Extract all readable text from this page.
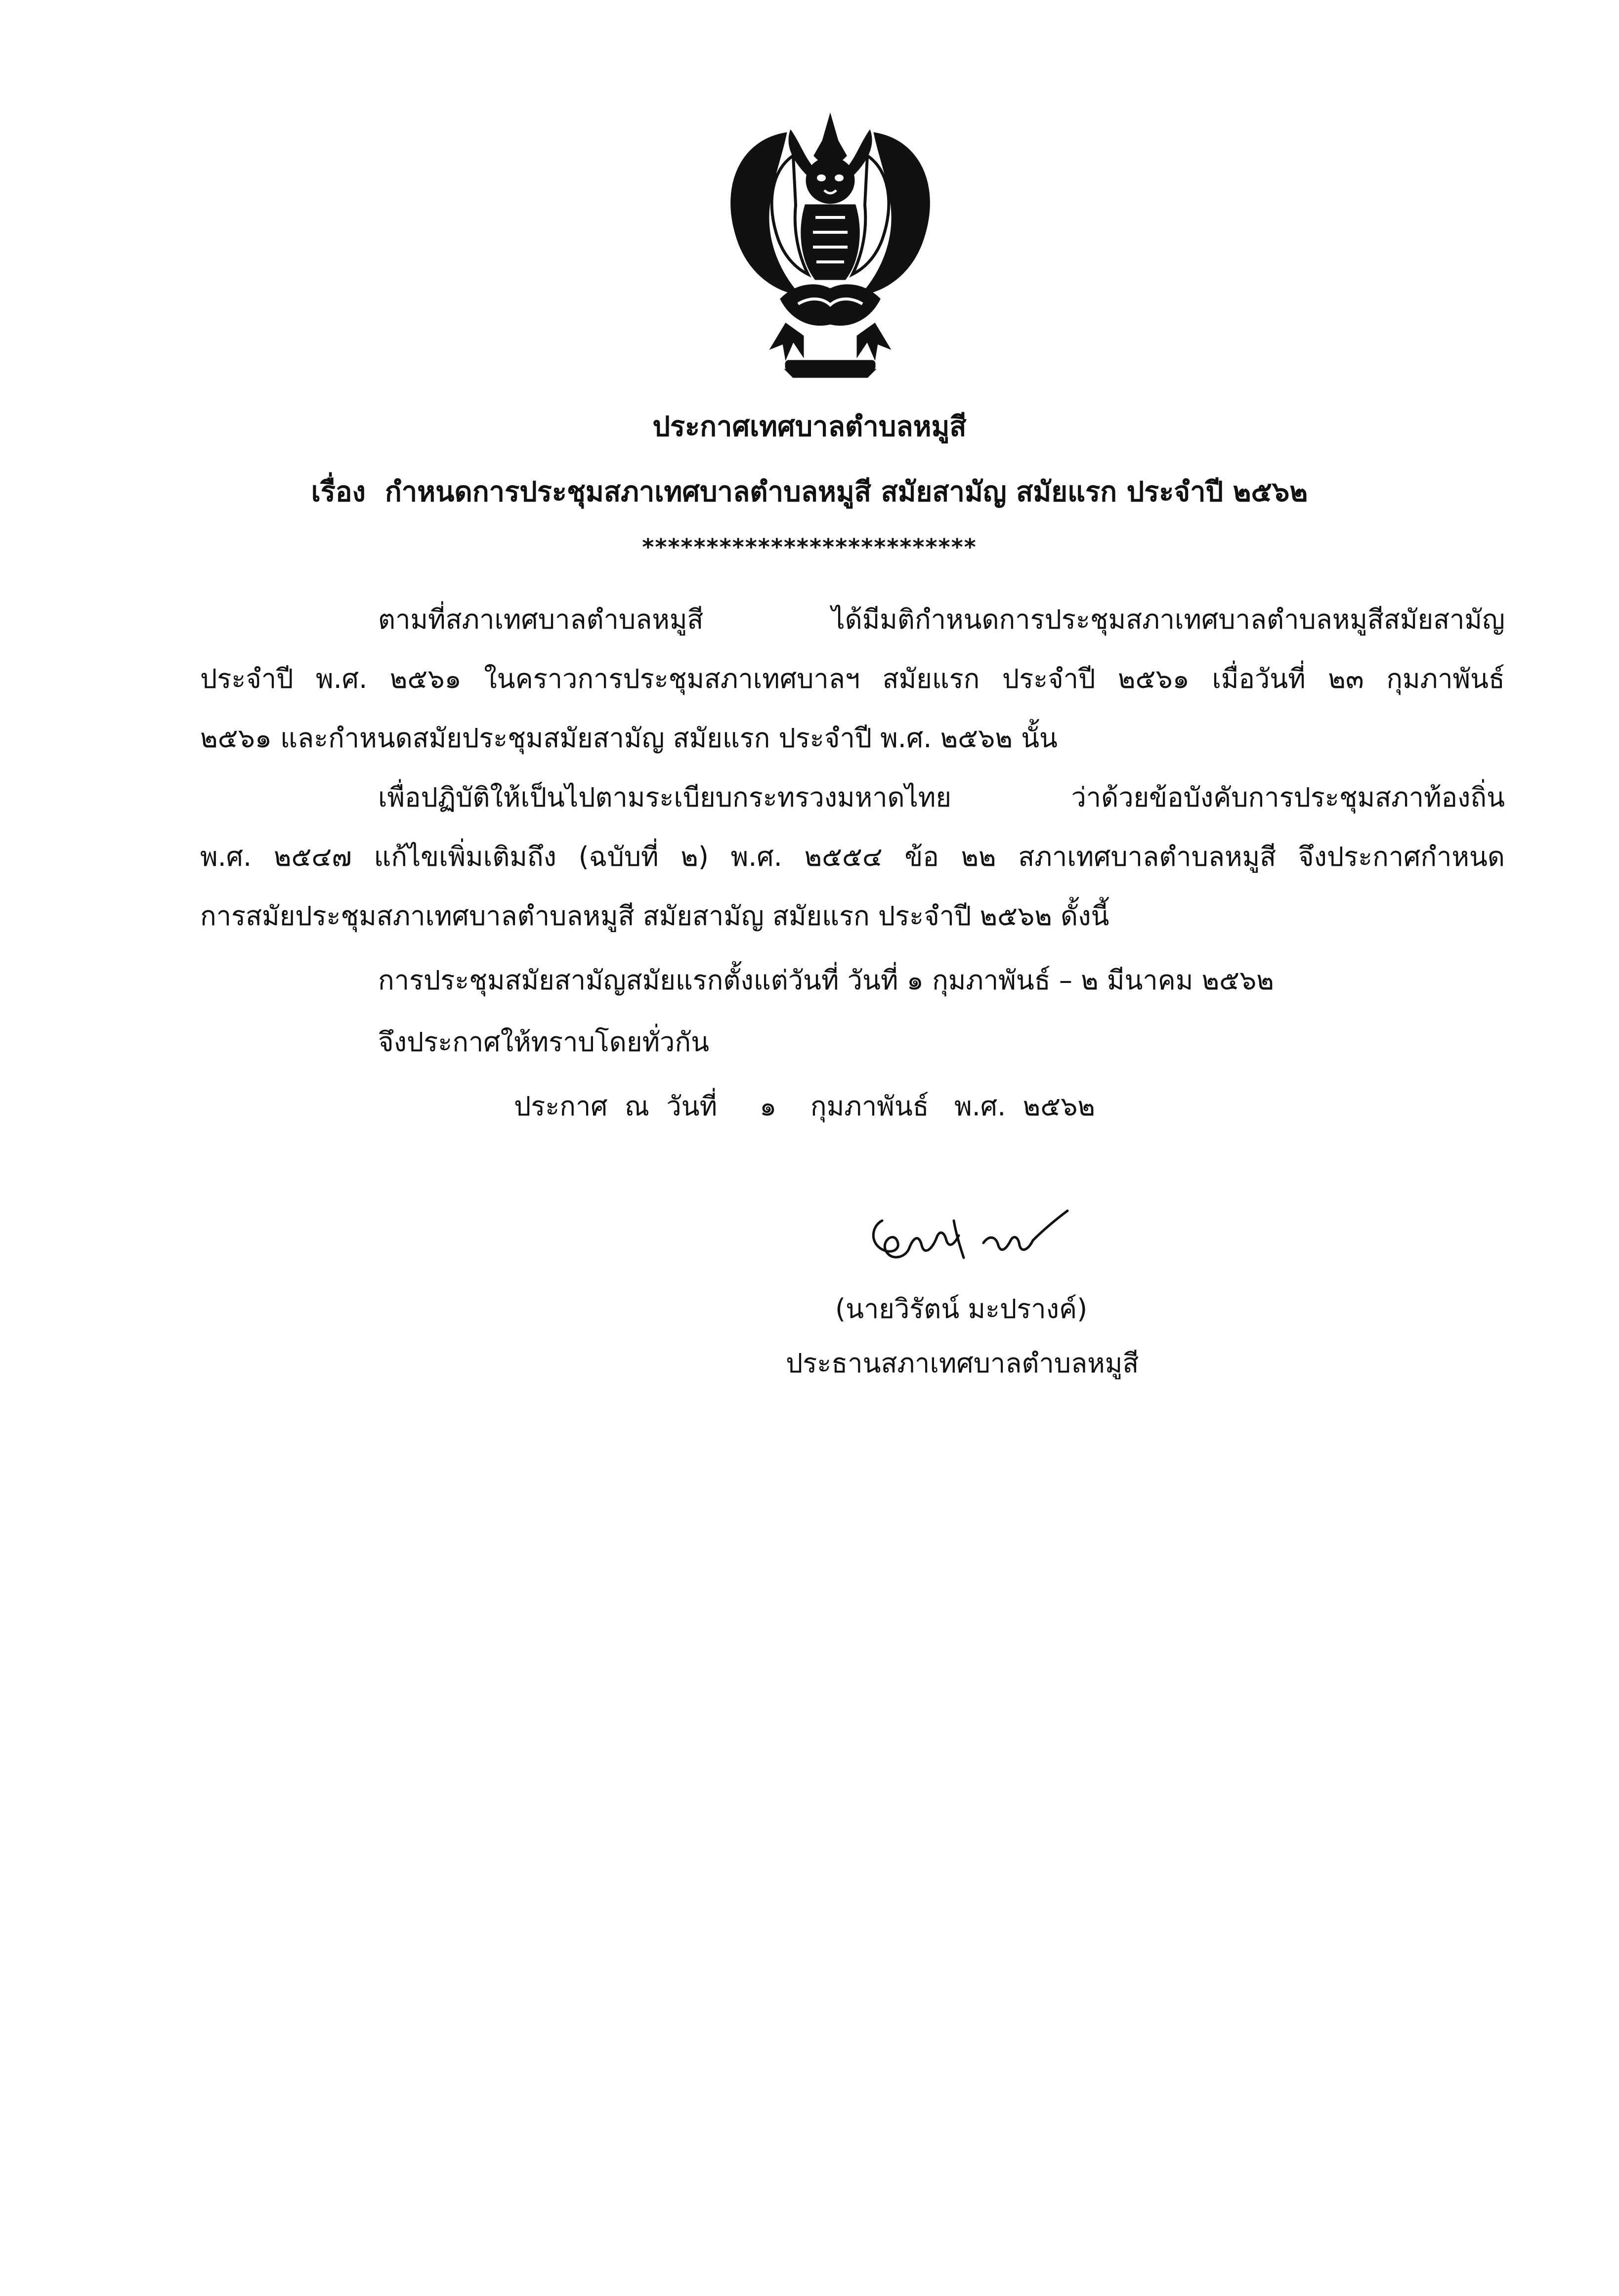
ประกาศเทศบาลตำบลหมูสี
เรื่อง กำหนดการประชุมสภาเทศบาลตำบลหมูสี สมัยสามัญ สมัยแรก ประจำปี ๒๕๖๒
**************************
ตามที่สภาเทศบาลตำบลหมูสี ได้มีมติกำหนดการประชุมสภาเทศบาลตำบลหมูสีสมัยสามัญ
ประจำปี พ.ศ. ๒๕๖๑ ในคราวการประชุมสภาเทศบาลฯ สมัยแรก ประจำปี ๒๕๖๑ เมื่อวันที่ ๒๓ กุมภาพันธ์
๒๕๖๑ และกำหนดสมัยประชุมสมัยสามัญ สมัยแรก ประจำปี พ.ศ. ๒๕๖๒ นั้น
เพื่อปฏิบัติให้เป็นไปตามระเบียบกระทรวงมหาดไทย ว่าด้วยข้อบังคับการประชุมสภาท้องถิ่น
พ.ศ. ๒๕๔๗ แก้ไขเพิ่มเติมถึง (ฉบับที่ ๒) พ.ศ. ๒๕๕๔ ข้อ ๒๒ สภาเทศบาลตำบลหมูสี จึงประกาศกำหนด
การสมัยประชุมสภาเทศบาลตำบลหมูสี สมัยสามัญ สมัยแรก ประจำปี ๒๕๖๒ ดั้งนี้
การประชุมสมัยสามัญสมัยแรกตั้งแต่วันที่ วันที่ ๑ กุมภาพันธ์ – ๒ มีนาคม ๒๕๖๒
จึงประกาศให้ทราบโดยทั่วกัน
ประกาศ  ณ  วันที่     ๑    กุมภาพันธ์   พ.ศ.  ๒๕๖๒
(นายวิรัตน์ มะปรางค์)
ประธานสภาเทศบาลตำบลหมูสี
